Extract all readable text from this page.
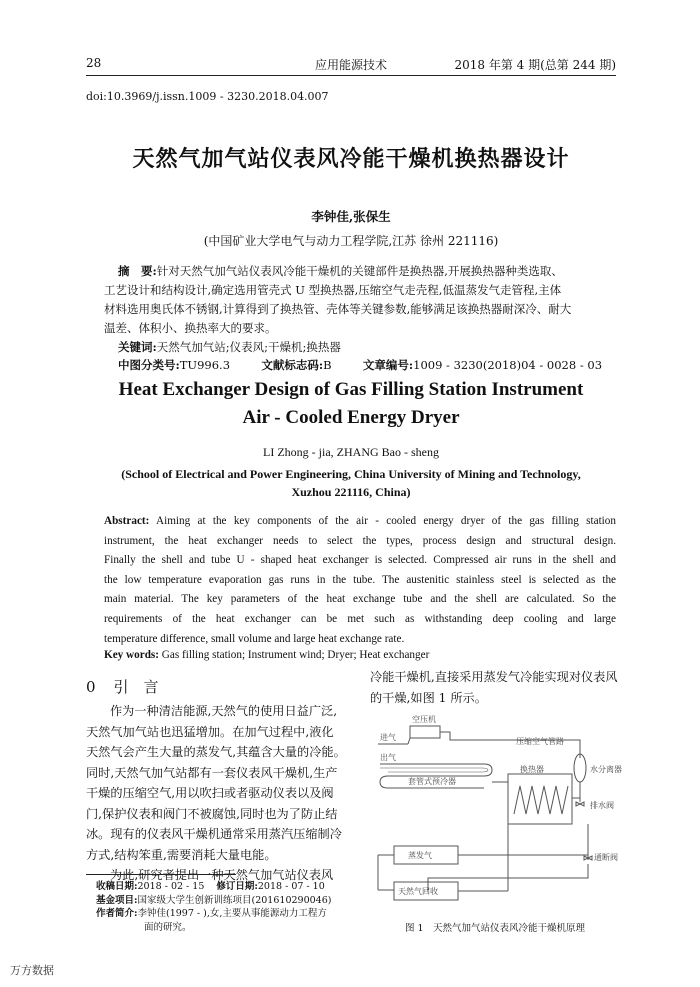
28	应用能源技术	2018 年第 4 期(总第 244 期)
doi:10.3969/j.issn.1009 - 3230.2018.04.007
天然气加气站仪表风冷能干燥机换热器设计
李钟佳,张保生
(中国矿业大学电气与动力工程学院,江苏 徐州 221116)
摘　要:针对天然气加气站仪表风冷能干燥机的关键部件是换热器,开展换热器种类选取、
工艺设计和结构设计,确定选用管壳式 U 型换热器,压缩空气走壳程,低温蒸发气走管程,主体
材料选用奥氏体不锈钢,计算得到了换热管、壳体等关键参数,能够满足该换热器耐深冷、耐大
温差、体积小、换热率大的要求。
关键词:天然气加气站;仪表风;干燥机;换热器
中图分类号:TU996.3	文献标志码:B	文章编号:1009 - 3230(2018)04 - 0028 - 03
Heat Exchanger Design of Gas Filling Station Instrument
Air - Cooled Energy Dryer
LI Zhong - jia, ZHANG Bao - sheng
(School of Electrical and Power Engineering, China University of Mining and Technology,
Xuzhou 221116, China)
Abstract: Aiming at the key components of the air - cooled energy dryer of the gas filling station
instrument, the heat exchanger needs to select the types, process design and structural design.
Finally the shell and tube U - shaped heat exchanger is selected. Compressed air runs in the shell and
the low temperature evaporation gas runs in the tube. The austenitic stainless steel is selected as the
main material. The key parameters of the heat exchange tube and the shell are calculated. So the
requirements of the heat exchanger can be met such as withstanding deep cooling and large
temperature difference, small volume and large heat exchange rate.
Key words: Gas filling station; Instrument wind; Dryer; Heat exchanger
0 引　言
作为一种清洁能源,天然气的使用日益广泛,
天然气加气站也迅猛增加。在加气过程中,液化
天然气会产生大量的蒸发气,其蕴含大量的冷能。
同时,天然气加气站都有一套仪表风干燥机,生产
干燥的压缩空气,用以吹扫或者驱动仪表以及阀
门,保护仪表和阀门不被腐蚀,同时也为了防止结
冰。现有的仪表风干燥机通常采用蒸汽压缩制冷
方式,结构笨重,需要消耗大量电能。
为此,研究者提出一种天然气加气站仪表风
收稿日期:2018 - 02 - 15 修订日期:2018 - 07 - 10
基金项目:国家级大学生创新训练项目(201610290046)
作者简介:李钟佳(1997 - ),女,主要从事能源动力工程方
面的研究。
冷能干燥机,直接采用蒸发气冷能实现对仪表风
的干燥,如图 1 所示。
空压机
进气
出气
压缩空气管路
套管式预冷器
换热器	水分离器
排水阀
蒸发气	通断阀
天然气回收
图 1　天然气加气站仪表风冷能干燥机原理
万方数据
